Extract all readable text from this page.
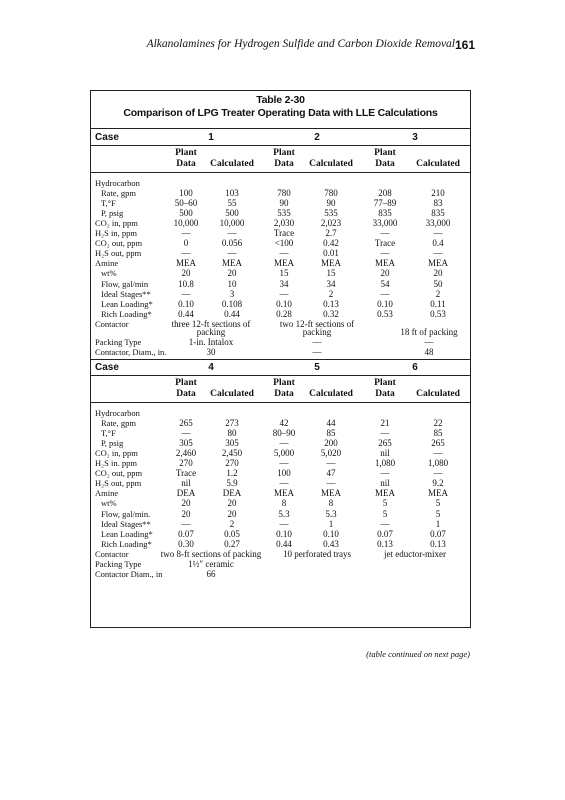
Alkanolamines for Hydrogen Sulfide and Carbon Dioxide Removal 161
Table 2-30
Comparison of LPG Treater Operating Data with LLE Calculations
Case	1	2	3
Plant	Plant	Plant
Data Calculated Data Calculated Data Calculated
Hydrocarbon
Rate, gpm	100	103	780	780	208	210
T,°F	50–60	55	90	90	77–89	83
P, psig	500	500	535	535	835	835
CO₂ in, ppm	10,000 10,000	2,030	2,023	33,000	33,000
H₂S in, ppm	—	—	Trace	2.7	—	—
CO₂ out, ppm	0	0.056	<100	0.42	Trace	0.4
H₂S out, ppm	—	—	—	0.01	—	—
Amine	MEA	MEA	MEA	MEA	MEA	MEA
wt%	20	20	15	15	20	20
Flow, gal/min	10.8	10	34	34	54	50
Ideal Stages**	—	3	—	2	—	2
Lean Loading*	0.10	0.108	0.10	0.13	0.10	0.11
Rich Loading*	0.44	0.44	0.28	0.32	0.53	0.53
Contactor	three 12-ft sections of	two 12-ft sections of
packing	packing	18 ft of packing
Packing Type	1-in. Intalox	—	—
Contactor, Diam., in.	30	—	48
Case	4	5	6
Plant	Plant	Plant
Data Calculated Data Calculated Data Calculated
Hydrocarbon
Rate, gpm	265	273	42	44	21	22
T,°F	—	80	80–90	85	—	85
P, psig	305	305	—	200	265	265
CO₂ in, ppm	2,460	2,450	5,000	5,020	nil	—
H₂S in. ppm	270	270	—	—	1,080	1,080
CO₂ out, ppm	Trace	1.2	100	47	—	—
H₂S out, ppm	nil	5.9	—	—	nil	9.2
Amine	DEA	DEA	MEA	MEA	MEA	MEA
wt%	20	20	8	8	5	5
Flow, gal/min.	20	20	5.3	5.3	5	5
Ideal Stages**	—	2	—	1	—	1
Lean Loading*	0.07	0.05	0.10	0.10	0.07	0.07
Rich Loading*	0.30	0.27	0.44	0.43	0.13	0.13
Contactor	two 8-ft sections of packing 10 perforated trays	jet eductor-mixer
Packing Type	1½″ ceramic
Contactor Diam., in	66
(table continued on next page)
